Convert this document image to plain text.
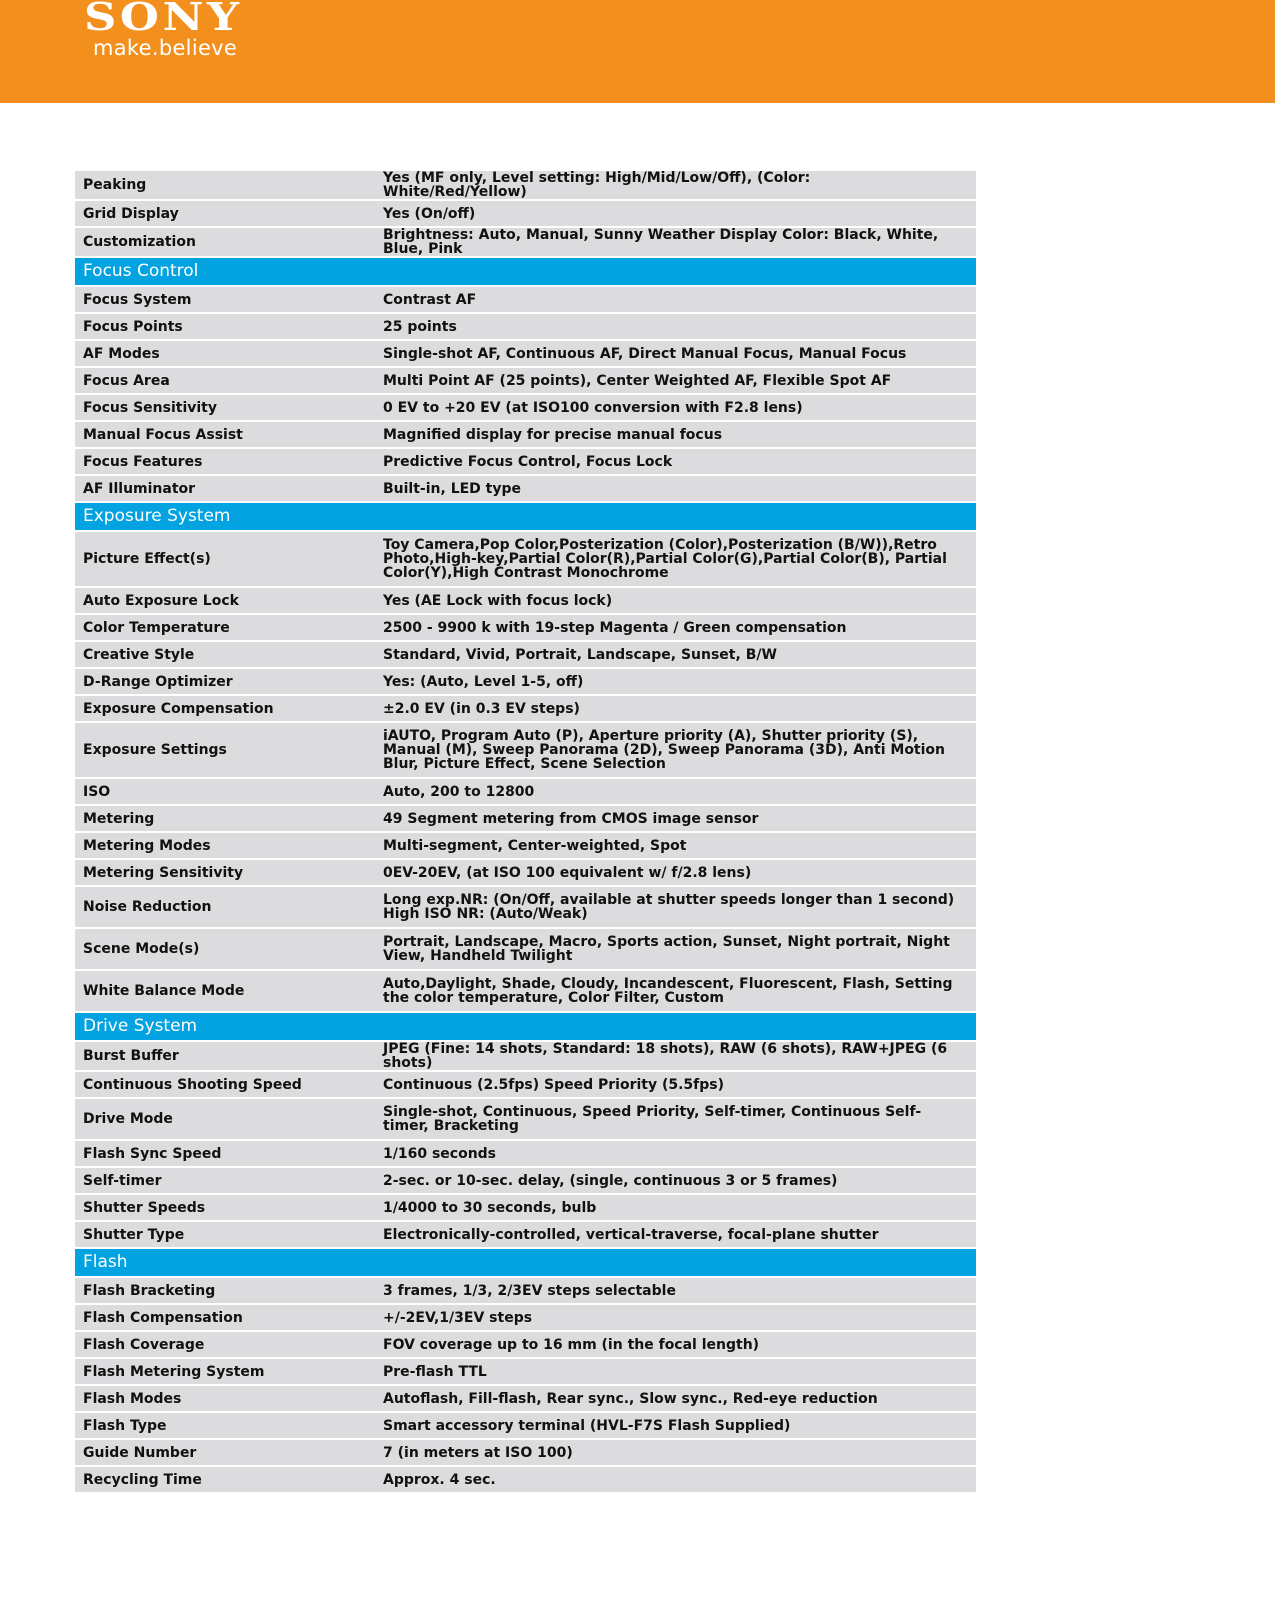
SONY
make.believe
Peaking	Yes (MF only, Level setting: High/Mid/Low/Off), (Color: White/Red/Yellow)
Grid Display	Yes (On/off)
Customization	Brightness: Auto, Manual, Sunny Weather Display Color: Black, White, Blue, Pink
Focus Control	
Focus System	Contrast AF
Focus Points	25 points
AF Modes	Single-shot AF, Continuous AF, Direct Manual Focus, Manual Focus
Focus Area	Multi Point AF (25 points), Center Weighted AF, Flexible Spot AF
Focus Sensitivity	0 EV to +20 EV (at ISO100 conversion with F2.8 lens)
Manual Focus Assist	Magnified display for precise manual focus
Focus Features	Predictive Focus Control, Focus Lock
AF Illuminator	Built-in, LED type
Exposure System	
Picture Effect(s)	Toy Camera,Pop Color,Posterization (Color),Posterization (B/W)),Retro Photo,High-key,Partial Color(R),Partial Color(G),Partial Color(B), Partial Color(Y),High Contrast Monochrome
Auto Exposure Lock	Yes (AE Lock with focus lock)
Color Temperature	2500 - 9900 k with 19-step Magenta / Green compensation
Creative Style	Standard, Vivid, Portrait, Landscape, Sunset, B/W
D-Range Optimizer	Yes: (Auto, Level 1-5, off)
Exposure Compensation	±2.0 EV (in 0.3 EV steps)
Exposure Settings	iAUTO, Program Auto (P), Aperture priority (A), Shutter priority (S), Manual (M), Sweep Panorama (2D), Sweep Panorama (3D), Anti Motion Blur, Picture Effect, Scene Selection
ISO	Auto, 200 to 12800
Metering	49 Segment metering from CMOS image sensor
Metering Modes	Multi-segment, Center-weighted, Spot
Metering Sensitivity	0EV-20EV, (at ISO 100 equivalent w/ f/2.8 lens)
Noise Reduction	Long exp.NR: (On/Off, available at shutter speeds longer than 1 second) High ISO NR: (Auto/Weak)
Scene Mode(s)	Portrait, Landscape, Macro, Sports action, Sunset, Night portrait, Night View, Handheld Twilight
White Balance Mode	Auto,Daylight, Shade, Cloudy, Incandescent, Fluorescent, Flash, Setting the color temperature, Color Filter, Custom
Drive System	
Burst Buffer	JPEG (Fine: 14 shots, Standard: 18 shots), RAW (6 shots), RAW+JPEG (6 shots)
Continuous Shooting Speed	Continuous (2.5fps) Speed Priority (5.5fps)
Drive Mode	Single-shot, Continuous, Speed Priority, Self-timer, Continuous Self-timer, Bracketing
Flash Sync Speed	1/160 seconds
Self-timer	2-sec. or 10-sec. delay, (single, continuous 3 or 5 frames)
Shutter Speeds	1/4000 to 30 seconds, bulb
Shutter Type	Electronically-controlled, vertical-traverse, focal-plane shutter
Flash	
Flash Bracketing	3 frames, 1/3, 2/3EV steps selectable
Flash Compensation	+/-2EV,1/3EV steps
Flash Coverage	FOV coverage up to 16 mm (in the focal length)
Flash Metering System	Pre-flash TTL
Flash Modes	Autoflash, Fill-flash, Rear sync., Slow sync., Red-eye reduction
Flash Type	Smart accessory terminal (HVL-F7S Flash Supplied)
Guide Number	7 (in meters at ISO 100)
Recycling Time	Approx. 4 sec.
